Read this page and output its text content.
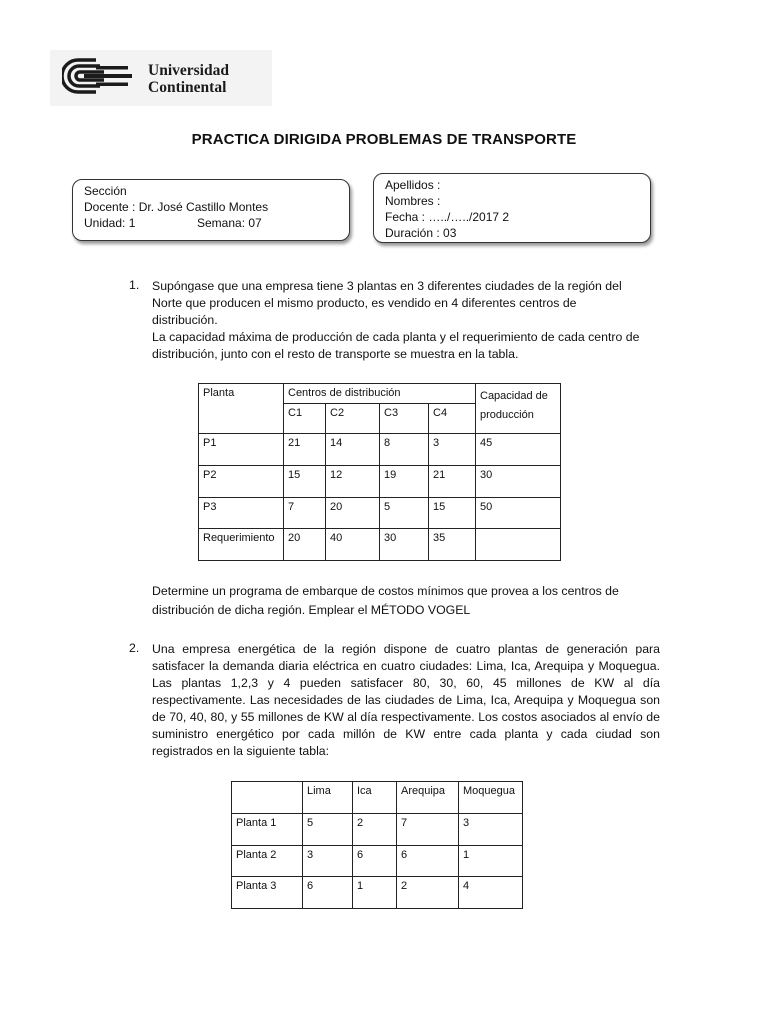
Universidad
Continental
PRACTICA DIRIGIDA PROBLEMAS DE TRANSPORTE
Sección
Docente : Dr. José Castillo Montes
Unidad: 1	Semana: 07
Apellidos :
Nombres :
Fecha : …../…../2017 2
Duración : 03
1. Supóngase que una empresa tiene 3 plantas en 3 diferentes ciudades de la región del
Norte que producen el mismo producto, es vendido en 4 diferentes centros de
distribución.
La capacidad máxima de producción de cada planta y el requerimiento de cada centro de
distribución, junto con el resto de transporte se muestra en la tabla.
Planta	Centros de distribución				Capacidad de producción
	C1	C2	C3	C4	
P1	21	14	8	3	45
P2	15	12	19	21	30
P3	7	20	5	15	50
Requerimiento	20	40	30	35	
Determine un programa de embarque de costos mínimos que provea a los centros de
distribución de dicha región. Emplear el MÉTODO VOGEL
2. Una empresa energética de la región dispone de cuatro plantas de generación para satisfacer la demanda diaria eléctrica en cuatro ciudades: Lima, Ica, Arequipa y Moquegua. Las plantas 1,2,3 y 4 pueden satisfacer 80, 30, 60, 45 millones de KW al día respectivamente. Las necesidades de las ciudades de Lima, Ica, Arequipa y Moquegua son de 70, 40, 80, y 55 millones de KW al día respectivamente. Los costos asociados al envío de suministro energético por cada millón de KW entre cada planta y cada ciudad son registrados en la siguiente tabla:
	Lima	Ica	Arequipa	Moquegua
Planta 1	5	2	7	3
Planta 2	3	6	6	1
Planta 3	6	1	2	4
